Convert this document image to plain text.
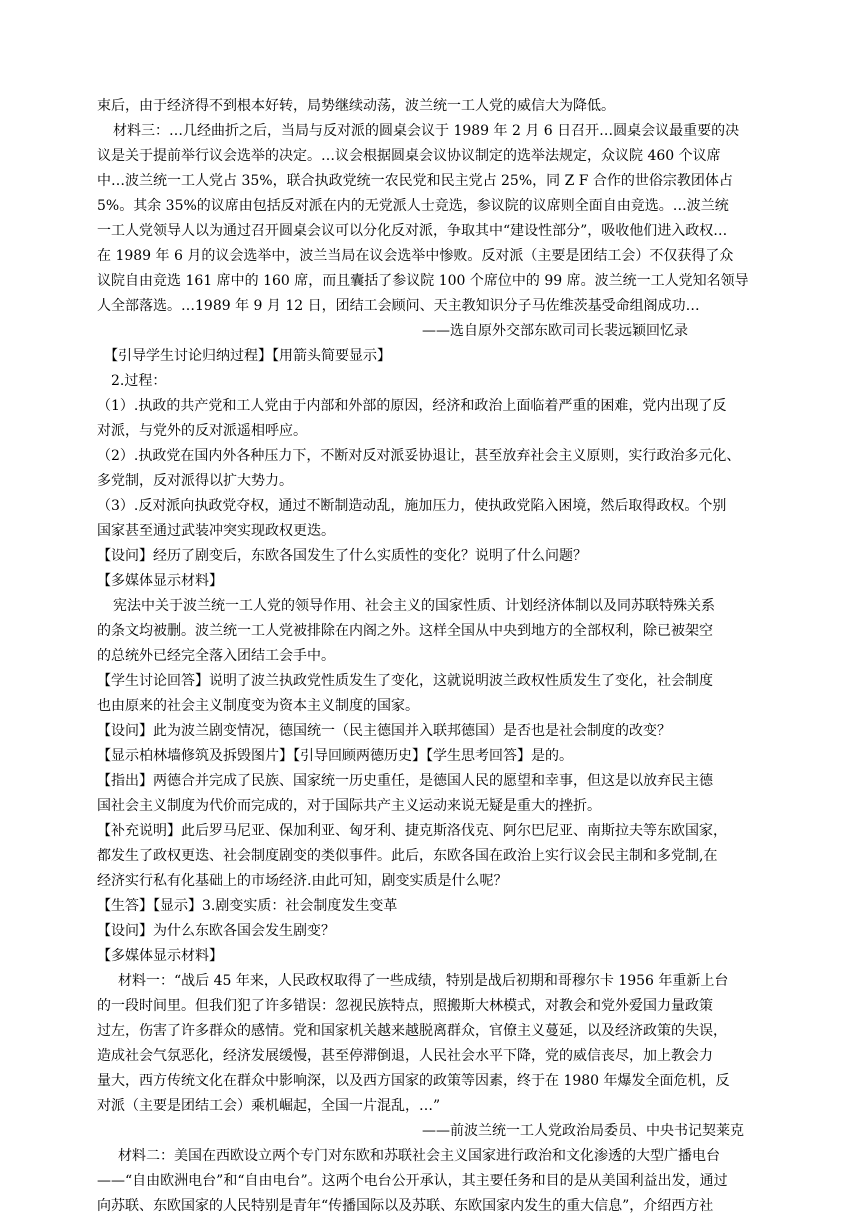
束后，由于经济得不到根本好转，局势继续动荡，波兰统一工人党的威信大为降低。
材料三：…几经曲折之后，当局与反对派的圆桌会议于 1989 年 2 月 6 日召开…圆桌会议最重要的决
议是关于提前举行议会选举的决定。…议会根据圆桌会议协议制定的选举法规定，众议院 460 个议席
中…波兰统一工人党占 35%，联合执政党统一农民党和民主党占 25%，同 Z F 合作的世俗宗教团体占
5%。其余 35%的议席由包括反对派在内的无党派人士竞选，参议院的议席则全面自由竞选。…波兰统
一工人党领导人以为通过召开圆桌会议可以分化反对派，争取其中“建设性部分”，吸收他们进入政权…
在 1989 年 6 月的议会选举中，波兰当局在议会选举中惨败。反对派（主要是团结工会）不仅获得了众
议院自由竞选 161 席中的 160 席，而且囊括了参议院 100 个席位中的 99 席。波兰统一工人党知名领导
人全部落选。…1989 年 9 月 12 日，团结工会顾问、天主教知识分子马佐维茨基受命组阁成功…
——选自原外交部东欧司司长裴远颖回忆录
【引导学生讨论归纳过程】【用箭头简要显示】
2.过程：
（1）.执政的共产党和工人党由于内部和外部的原因，经济和政治上面临着严重的困难，党内出现了反
对派，与党外的反对派遥相呼应。
（2）.执政党在国内外各种压力下，不断对反对派妥协退让，甚至放弃社会主义原则，实行政治多元化、
多党制，反对派得以扩大势力。
（3）.反对派向执政党夺权，通过不断制造动乱，施加压力，使执政党陷入困境，然后取得政权。个别
国家甚至通过武装冲突实现政权更迭。
【设问】经历了剧变后，东欧各国发生了什么实质性的变化？说明了什么问题？
【多媒体显示材料】
宪法中关于波兰统一工人党的领导作用、社会主义的国家性质、计划经济体制以及同苏联特殊关系
的条文均被删。波兰统一工人党被排除在内阁之外。这样全国从中央到地方的全部权利，除已被架空
的总统外已经完全落入团结工会手中。
【学生讨论回答】说明了波兰执政党性质发生了变化，这就说明波兰政权性质发生了变化，社会制度
也由原来的社会主义制度变为资本主义制度的国家。
【设问】此为波兰剧变情况，德国统一（民主德国并入联邦德国）是否也是社会制度的改变？
【显示柏林墙修筑及拆毁图片】【引导回顾两德历史】【学生思考回答】是的。
【指出】两德合并完成了民族、国家统一历史重任，是德国人民的愿望和幸事，但这是以放弃民主德
国社会主义制度为代价而完成的，对于国际共产主义运动来说无疑是重大的挫折。
【补充说明】此后罗马尼亚、保加利亚、匈牙利、捷克斯洛伐克、阿尔巴尼亚、南斯拉夫等东欧国家，
都发生了政权更迭、社会制度剧变的类似事件。此后，东欧各国在政治上实行议会民主制和多党制,在
经济实行私有化基础上的市场经济.由此可知，剧变实质是什么呢？
【生答】【显示】3.剧变实质：社会制度发生变革
【设问】为什么东欧各国会发生剧变？
【多媒体显示材料】
材料一：“战后 45 年来，人民政权取得了一些成绩，特别是战后初期和哥穆尔卡 1956 年重新上台
的一段时间里。但我们犯了许多错误：忽视民族特点，照搬斯大林模式，对教会和党外爱国力量政策
过左，伤害了许多群众的感情。党和国家机关越来越脱离群众，官僚主义蔓延，以及经济政策的失误，
造成社会气氛恶化，经济发展缓慢，甚至停滞倒退，人民社会水平下降，党的威信丧尽，加上教会力
量大，西方传统文化在群众中影响深，以及西方国家的政策等因素，终于在 1980 年爆发全面危机，反
对派（主要是团结工会）乘机崛起，全国一片混乱，…”
——前波兰统一工人党政治局委员、中央书记契莱克
材料二：美国在西欧设立两个专门对东欧和苏联社会主义国家进行政治和文化渗透的大型广播电台
——“自由欧洲电台”和“自由电台”。这两个电台公开承认，其主要任务和目的是从美国利益出发，通过
向苏联、东欧国家的人民特别是青年“传播国际以及苏联、东欧国家内发生的重大信息”，介绍西方社
